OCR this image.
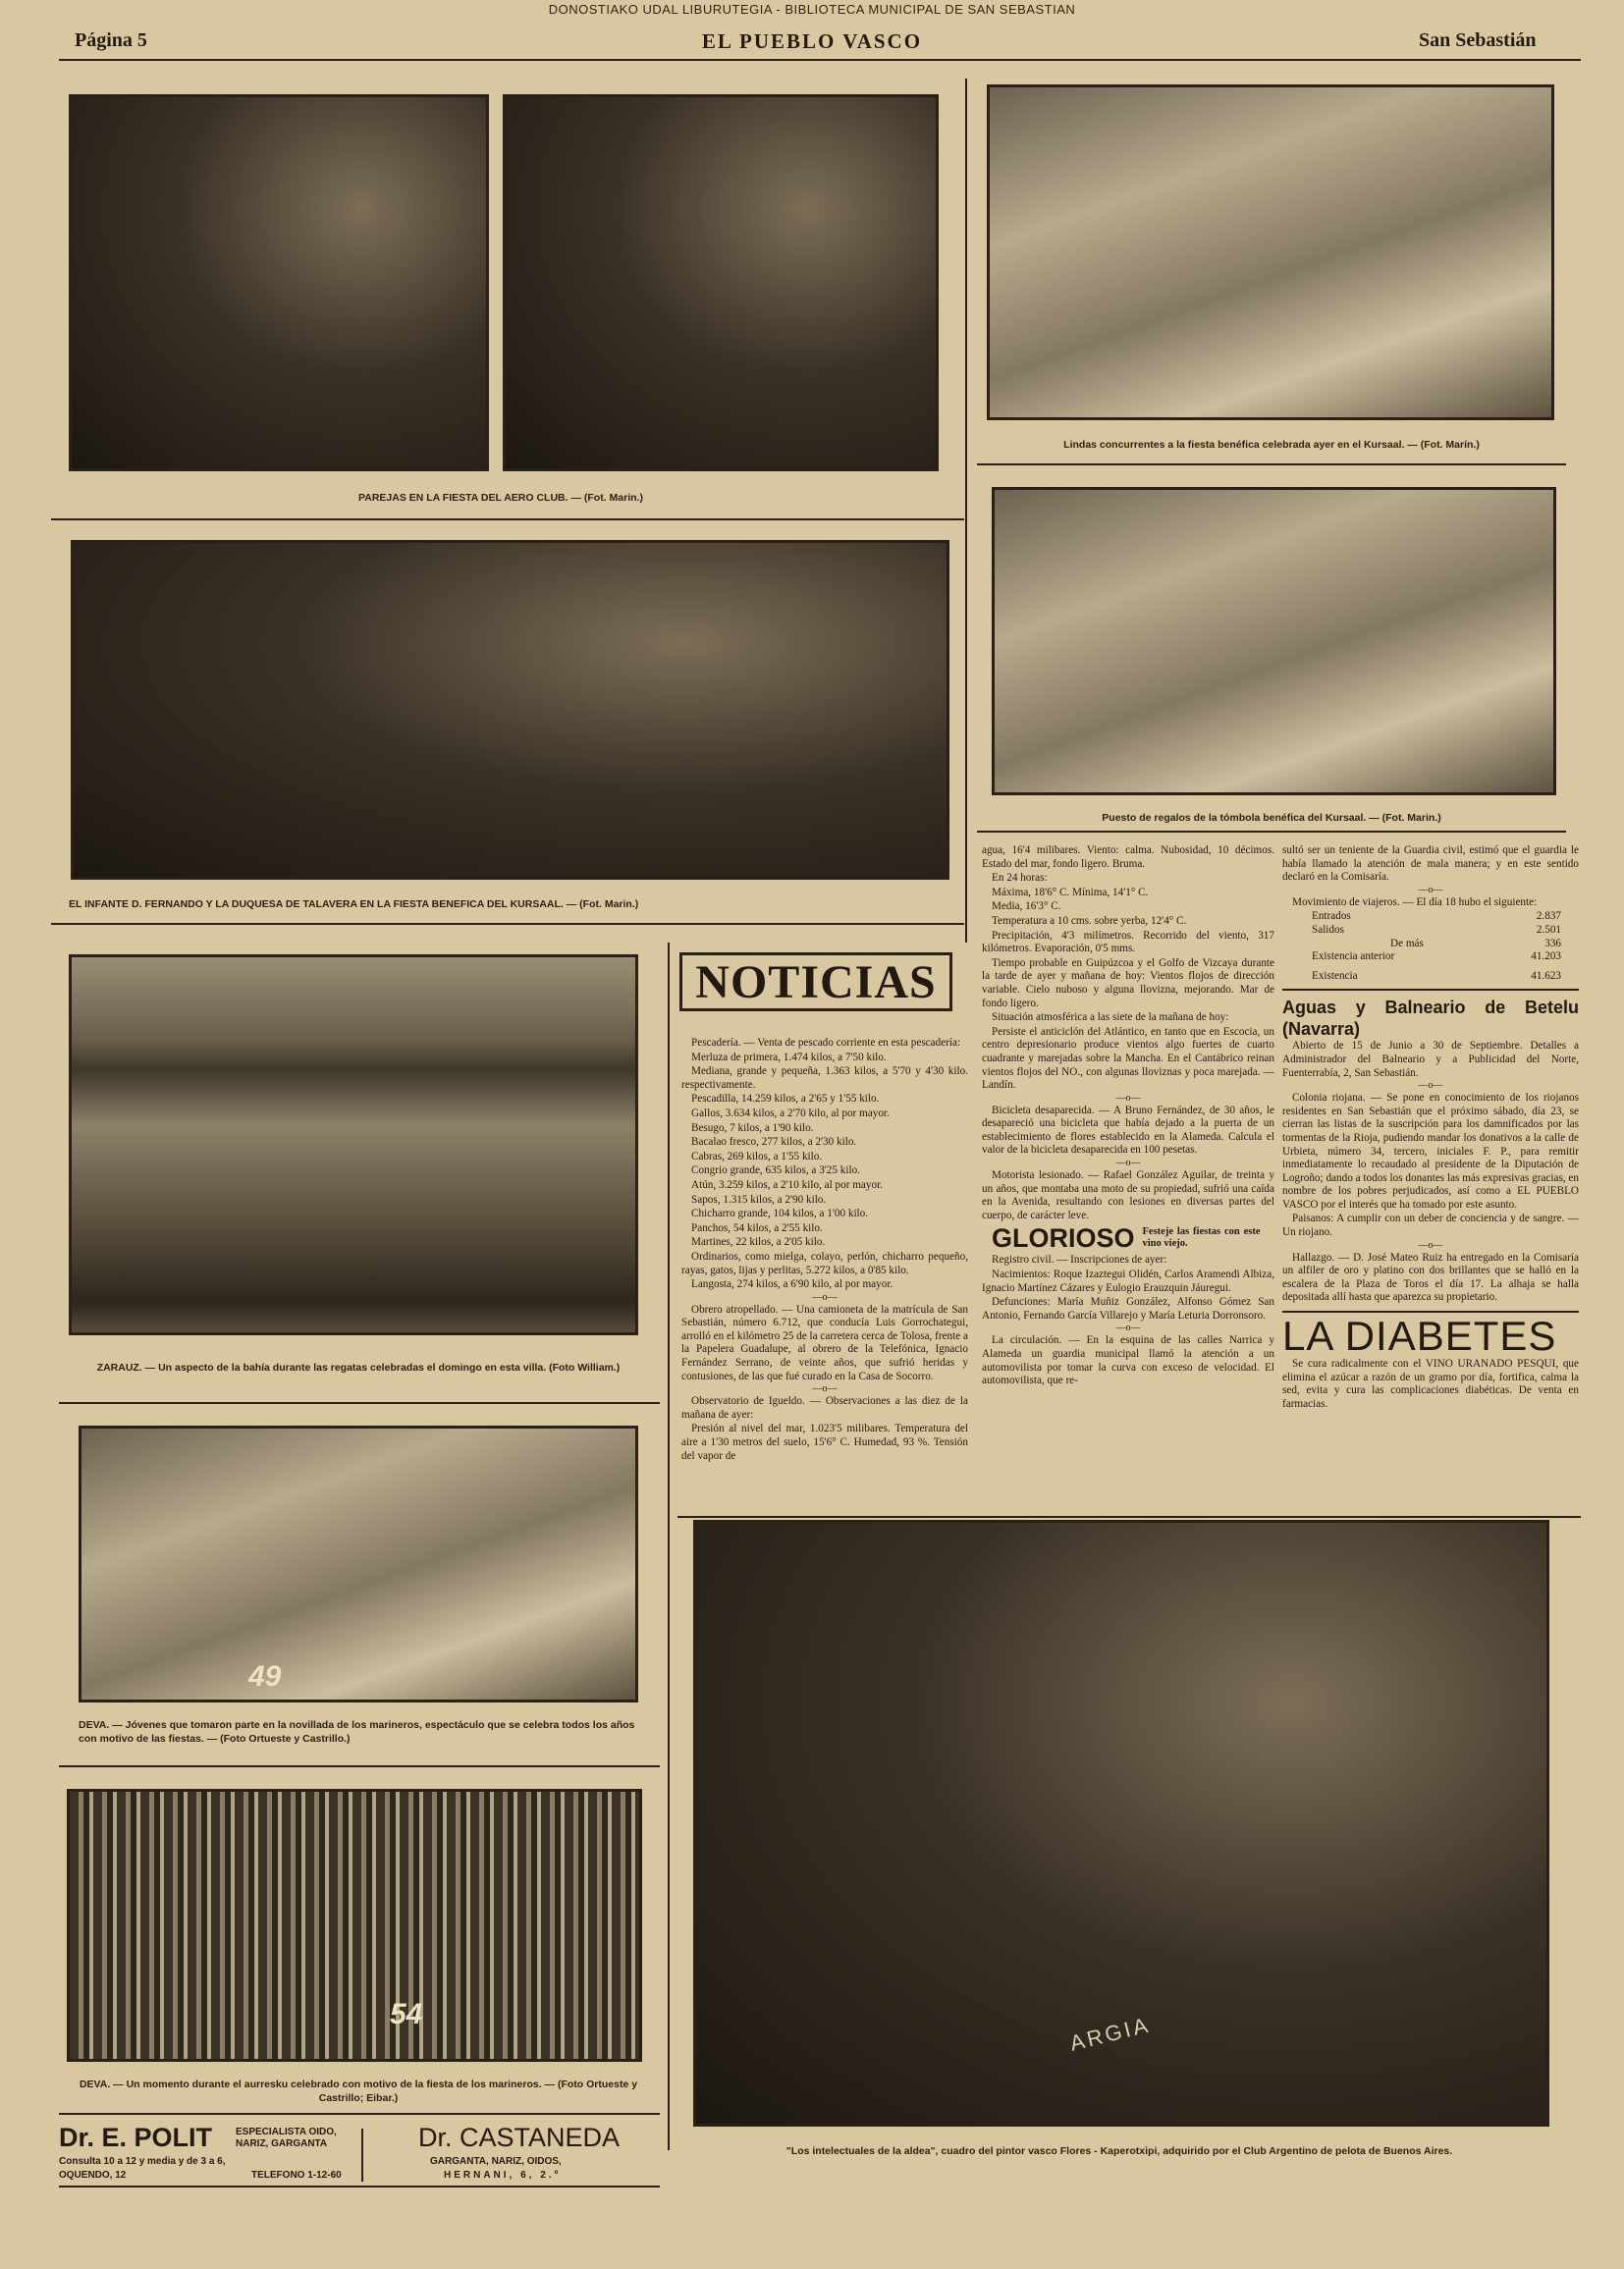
DONOSTIAKO UDAL LIBURUTEGIA - BIBLIOTECA MUNICIPAL DE SAN SEBASTIAN
Página 5	EL PUEBLO VASCO	San Sebastián
PAREJAS EN LA FIESTA DEL AERO CLUB. — (Fot. Marin.)
Lindas concurrentes a la fiesta benéfica celebrada ayer en el Kursaal. — (Fot. Marín.)
EL INFANTE D. FERNANDO Y LA DUQUESA DE TALAVERA EN LA FIESTA BENEFICA DEL KURSAAL. — (Fot. Marin.)
Puesto de regalos de la tómbola benéfica del Kursaal. — (Fot. Marin.)
ZARAUZ. — Un aspecto de la bahía durante las regatas celebradas el domingo en esta villa. (Foto William.)
49
DEVA. — Jóvenes que tomaron parte en la novillada de los marineros, espectáculo que se celebra todos los años con motivo de las fiestas. — (Foto Ortueste y Castrillo.)
54
DEVA. — Un momento durante el aurresku celebrado con motivo de la fiesta de los marineros. — (Foto Ortueste y Castrillo; Eibar.)
Dr. E. POLIT ESPECIALISTA OIDO, NARIZ, GARGANTA
Consulta 10 a 12 y media y de 3 a 6,
OQUENDO, 12	TELEFONO 1-12-60
Dr. CASTANEDA
GARGANTA, NARIZ, OIDOS,
HERNANI, 6, 2.º
NOTICIAS

Pescadería. — Venta de pescado corriente en esta pescadería:

Merluza de primera, 1.474 kilos, a 7'50 kilo.

Mediana, grande y pequeña, 1.363 kilos, a 5'70 y 4'30 kilo. respectivamente.

Pescadilla, 14.259 kilos, a 2'65 y 1'55 kilo.

Gallos, 3.634 kilos, a 2'70 kilo, al por mayor.

Besugo, 7 kilos, a 1'90 kilo.

Bacalao fresco, 277 kilos, a 2'30 kilo.

Cabras, 269 kilos, a 1'55 kilo.

Congrio grande, 635 kilos, a 3'25 kilo.

Atún, 3.259 kilos, a 2'10 kilo, al por mayor.

Sapos, 1.315 kilos, a 2'90 kilo.

Chicharro grande, 104 kilos, a 1'00 kilo.

Panchos, 54 kilos, a 2'55 kilo.

Martines, 22 kilos, a 2'05 kilo.

Ordinarios, como mielga, colayo, perlón, chicharro pequeño, rayas, gatos, lijas y perlitas, 5.272 kilos, a 0'85 kilo.

Langosta, 274 kilos, a 6'90 kilo, al por mayor.

—o—

Obrero atropellado. — Una camioneta de la matrícula de San Sebastián, número 6.712, que conducía Luis Gorrochategui, arrolló en el kilómetro 25 de la carretera cerca de Tolosa, frente a la Papelera Guadalupe, al obrero de la Telefónica, Ignacio Fernández Serrano, de veinte años, que sufrió heridas y contusiones, de las que fué curado en la Casa de Socorro.

—o—

Observatorio de Igueldo. — Observaciones a las diez de la mañana de ayer:

Presión al nivel del mar, 1.023'5 milibares. Temperatura del aire a 1'30 metros del suelo, 15'6° C. Humedad, 93 %. Tensión del vapor de

agua, 16'4 milibares. Viento: calma. Nubosidad, 10 décimos. Estado del mar, fondo ligero. Bruma.

En 24 horas:

Máxima, 18'6° C. Mínima, 14'1° C.

Media, 16'3° C.

Temperatura a 10 cms. sobre yerba, 12'4° C.

Precipitación, 4'3 milímetros. Recorrido del viento, 317 kilómetros. Evaporación, 0'5 mms.

Tiempo probable en Guipúzcoa y el Golfo de Vizcaya durante la tarde de ayer y mañana de hoy: Vientos flojos de dirección variable. Cielo nuboso y alguna llovizna, mejorando. Mar de fondo ligero.

Situación atmosférica a las siete de la mañana de hoy:

Persiste el anticiclón del Atlántico, en tanto que en Escocia, un centro depresionario produce vientos algo fuertes de cuarto cuadrante y marejadas sobre la Mancha. En el Cantábrico reinan vientos flojos del NO., con algunas lloviznas y poca marejada. — Landín.

—o—

Bicicleta desaparecida. — A Bruno Fernández, de 30 años, le desapareció una bicicleta que había dejado a la puerta de un establecimiento de flores establecido en la Alameda. Calcula el valor de la bicicleta desaparecida en 100 pesetas.

—o—

Motorista lesionado. — Rafael González Aguilar, de treinta y un años, que montaba una moto de su propiedad, sufrió una caída en la Avenida, resultando con lesiones en diversas partes del cuerpo, de carácter leve.

GLORIOSO Festeje las fiestas con este vino viejo.

Registro civil. — Inscripciones de ayer:

Nacimientos: Roque Izaztegui Olidén, Carlos Aramendi Albiza, Ignacio Martínez Cázares y Eulogio Erauzquin Jáuregui.

Defunciones: María Muñiz González, Alfonso Gómez San Antonio, Fernando García Villarejo y María Leturia Dorronsoro.

—o—

La circulación. — En la esquina de las calles Narrica y Alameda un guardia municipal llamó la atención a un automovilista por tomar la curva con exceso de velocidad. El automovilista, que re-

sultó ser un teniente de la Guardia civil, estimó que el guardia le había llamado la atención de mala manera; y en este sentido declaró en la Comisaría.

—o—

Movimiento de viajeros. — El día 18 hubo el siguiente:

Entrados	2.837
Salidos	2.501
De más	336
Existencia anterior	41.203
Existencia	41.623
Aguas y Balneario de Betelu (Navarra)

Abierto de 15 de Junio a 30 de Septiembre. Detalles a Administrador del Balneario y a Publicidad del Norte, Fuenterrabía, 2, San Sebastián.

—o—

Colonia riojana. — Se pone en conocimiento de los riojanos residentes en San Sebastián que el próximo sábado, día 23, se cierran las listas de la suscripción para los damnificados por las tormentas de la Rioja, pudiendo mandar los donativos a la calle de Urbieta, número 34, tercero, iniciales F. P., para remitir inmediatamente lo recaudado al presidente de la Diputación de Logroño; dando a todos los donantes las más expresivas gracias, en nombre de los pobres perjudicados, así como a EL PUEBLO VASCO por el interés que ha tomado por este asunto.

Paisanos: A cumplir con un deber de conciencia y de sangre. — Un riojano.

—o—

Hallazgo. — D. José Mateo Ruiz ha entregado en la Comisaría un alfiler de oro y platino con dos brillantes que se halló en la escalera de la Plaza de Toros el día 17. La alhaja se halla depositada allí hasta que aparezca su propietario.

LA DIABETES

Se cura radicalmente con el VINO URANADO PESQUI, que elimina el azúcar a razón de un gramo por día, fortifica, calma la sed, evita y cura las complicaciones diabéticas. De venta en farmacias.

ARGIA
"Los intelectuales de la aldea", cuadro del pintor vasco Flores - Kaperotxipi, adquirido por el Club Argentino de pelota de Buenos Aires.
